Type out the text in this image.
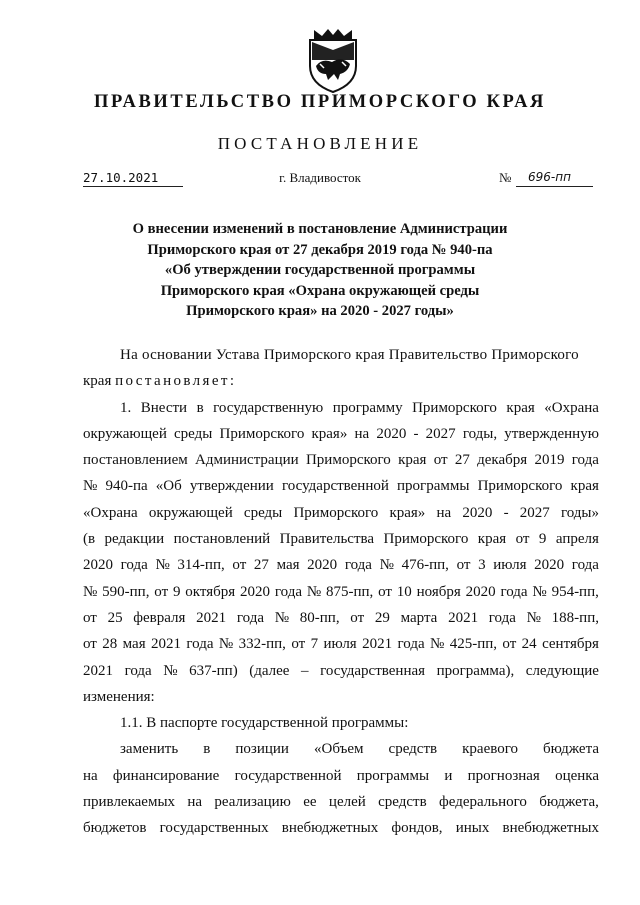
ПРАВИТЕЛЬСТВО ПРИМОРСКОГО КРАЯ
ПОСТАНОВЛЕНИЕ
27.10.2021	г. Владивосток	№ 696-пп
О внесении изменений в постановление Администрации
Приморского края от 27 декабря 2019 года № 940-па
«Об утверждении государственной программы
Приморского края «Охрана окружающей среды
Приморского края» на 2020 - 2027 годы»
На основании Устава Приморского края Правительство Приморского
края постановляет:
1. Внести в государственную программу Приморского края «Охрана
окружающей среды Приморского края» на 2020 - 2027 годы, утвержденную
постановлением Администрации Приморского края от 27 декабря 2019 года
№ 940-па «Об утверждении государственной программы Приморского края
«Охрана окружающей среды Приморского края» на 2020 - 2027 годы»
(в редакции постановлений Правительства Приморского края от 9 апреля
2020 года № 314-пп, от 27 мая 2020 года № 476-пп, от 3 июля 2020 года
№ 590-пп, от 9 октября 2020 года № 875-пп, от 10 ноября 2020 года № 954-пп,
от 25 февраля 2021 года № 80-пп, от 29 марта 2021 года № 188-пп,
от 28 мая 2021 года № 332-пп, от 7 июля 2021 года № 425-пп, от 24 сентября
2021 года № 637-пп) (далее – государственная программа), следующие
изменения:
1.1. В паспорте государственной программы:
заменить в позиции «Объем средств краевого бюджета
на финансирование государственной программы и прогнозная оценка
привлекаемых на реализацию ее целей средств федерального бюджета,
бюджетов государственных внебюджетных фондов, иных внебюджетных
